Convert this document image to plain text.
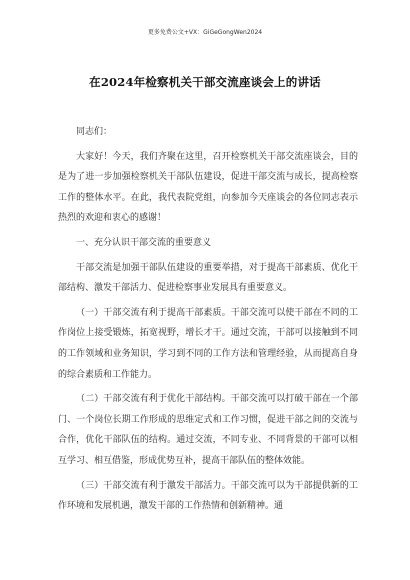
更多免费公文+VX：GiGeGongWen2024
在2024年检察机关干部交流座谈会上的讲话

同志们：

大家好！今天，我们齐聚在这里，召开检察机关干部交流座谈会，目的是为了进一步加强检察机关干部队伍建设，促进干部交流与成长，提高检察工作的整体水平。在此，我代表院党组，向参加今天座谈会的各位同志表示热烈的欢迎和衷心的感谢！

一、充分认识干部交流的重要意义

干部交流是加强干部队伍建设的重要举措，对于提高干部素质、优化干部结构、激发干部活力、促进检察事业发展具有重要意义。

（一）干部交流有利于提高干部素质。干部交流可以使干部在不同的工作岗位上接受锻炼，拓宽视野，增长才干。通过交流，干部可以接触到不同的工作领域和业务知识，学习到不同的工作方法和管理经验，从而提高自身的综合素质和工作能力。

（二）干部交流有利于优化干部结构。干部交流可以打破干部在一个部门、一个岗位长期工作形成的思维定式和工作习惯，促进干部之间的交流与合作，优化干部队伍的结构。通过交流，不同专业、不同背景的干部可以相互学习、相互借鉴，形成优势互补，提高干部队伍的整体效能。

（三）干部交流有利于激发干部活力。干部交流可以为干部提供新的工作环境和发展机遇，激发干部的工作热情和创新精神。通
